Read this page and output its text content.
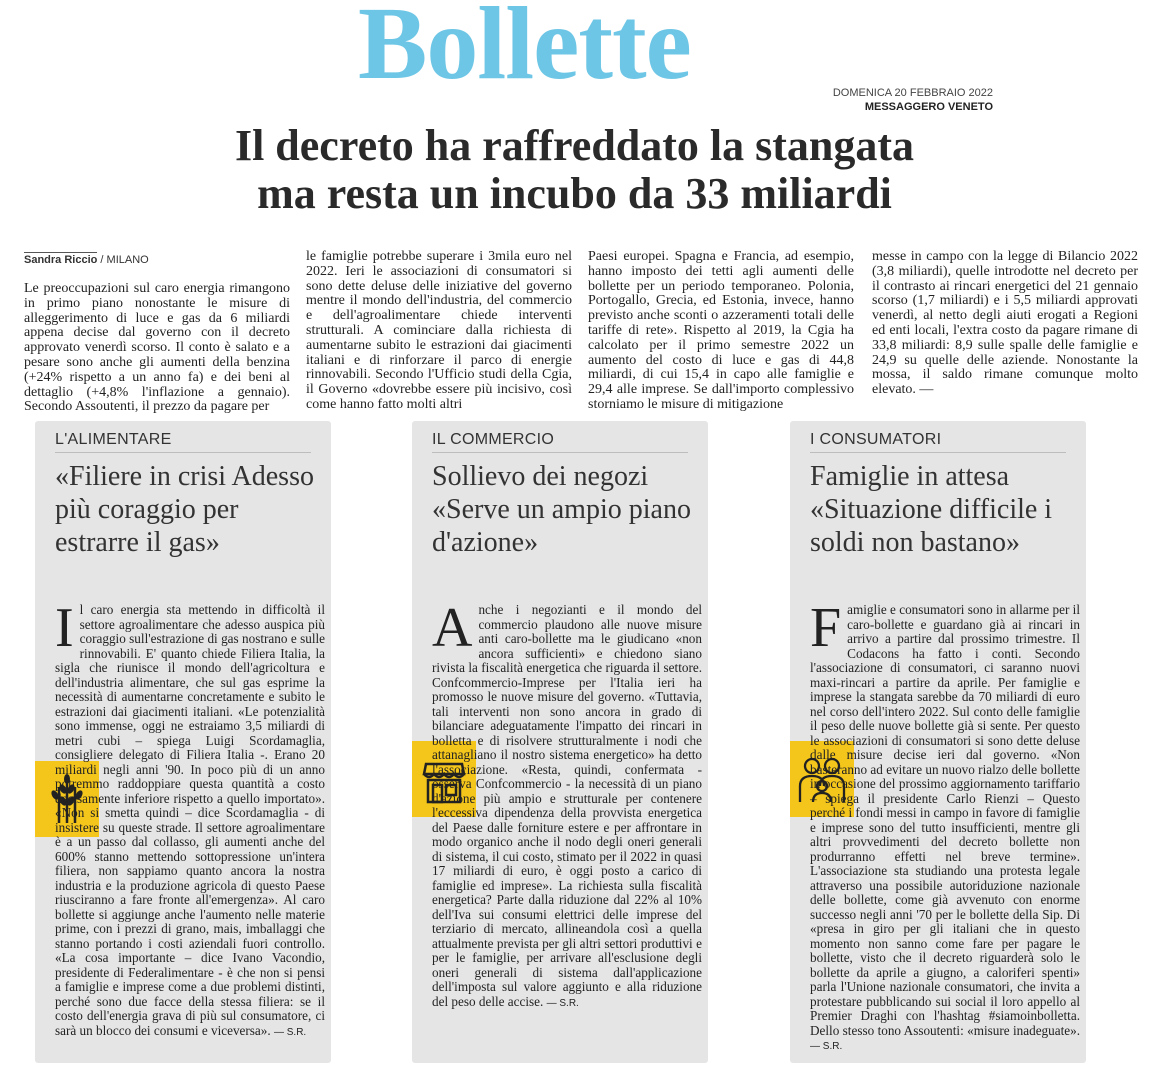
Bollette	DOMENICA 20 FEBBRAIO 2022
MESSAGGERO VENETO
Il decreto ha raffreddato la stangata
ma resta un incubo da 33 miliardi
Sandra Riccio / MILANO

Le preoccupazioni sul caro energia rimangono in primo piano nonostante le misure di alleggerimento di luce e gas da 6 miliardi appena decise dal governo con il decreto approvato venerdì scorso. Il conto è salato e a pesare sono anche gli aumenti della benzina (+24% rispetto a un anno fa) e dei beni al dettaglio (+4,8% l'inflazione a gennaio). Secondo Assoutenti, il prezzo da pagare per

le famiglie potrebbe superare i 3mila euro nel 2022. Ieri le associazioni di consumatori si sono dette deluse delle iniziative del governo mentre il mondo dell'industria, del commercio e dell'agroalimentare chiede interventi strutturali. A cominciare dalla richiesta di aumentarne subito le estrazioni dai giacimenti italiani e di rinforzare il parco di energie rinnovabili. Secondo l'Ufficio studi della Cgia, il Governo «dovrebbe essere più incisivo, così come hanno fatto molti altri

Paesi europei. Spagna e Francia, ad esempio, hanno imposto dei tetti agli aumenti delle bollette per un periodo temporaneo. Polonia, Portogallo, Grecia, ed Estonia, invece, hanno previsto anche sconti o azzeramenti totali delle tariffe di rete». Rispetto al 2019, la Cgia ha calcolato per il primo semestre 2022 un aumento del costo di luce e gas di 44,8 miliardi, di cui 15,4 in capo alle famiglie e 29,4 alle imprese. Se dall'importo complessivo storniamo le misure di mitigazione

messe in campo con la legge di Bilancio 2022 (3,8 miliardi), quelle introdotte nel decreto per il contrasto ai rincari energetici del 21 gennaio scorso (1,7 miliardi) e i 5,5 miliardi approvati venerdì, al netto degli aiuti erogati a Regioni ed enti locali, l'extra costo da pagare rimane di 33,8 miliardi: 8,9 sulle spalle delle famiglie e 24,9 su quelle delle aziende. Nonostante la mossa, il saldo rimane comunque molto elevato. —

L'ALIMENTARE
«Filiere in crisi Adesso più coraggio per estrarre il gas»
I l caro energia sta mettendo in difficoltà il settore agroalimentare che adesso auspica più coraggio sull'estrazione di gas nostrano e sulle rinnovabili. E' quanto chiede Filiera Italia, la sigla che riunisce il mondo dell'agricoltura e dell'industria alimentare, che sul gas esprime la necessità di aumentarne concretamente e subito le estrazioni dai giacimenti italiani. «Le potenzialità sono immense, oggi ne estraiamo 3,5 miliardi di metri cubi – spiega Luigi Scordamaglia, consigliere delegato di Filiera Italia -. Erano 20 miliardi negli anni '90. In poco più di un anno potremmo raddoppiare questa quantità a costo decisamente inferiore rispetto a quello importato». «Non si smetta quindi – dice Scordamaglia - di insistere su queste strade. Il settore agroalimentare è a un passo dal collasso, gli aumenti anche del 600% stanno mettendo sottopressione un'intera filiera, non sappiamo quanto ancora la nostra industria e la produzione agricola di questo Paese riusciranno a fare fronte all'emergenza». Al caro bollette si aggiunge anche l'aumento nelle materie prime, con i prezzi di grano, mais, imballaggi che stanno portando i costi aziendali fuori controllo. «La cosa importante – dice Ivano Vacondio, presidente di Federalimentare - è che non si pensi a famiglie e imprese come a due problemi distinti, perché sono due facce della stessa filiera: se il costo dell'energia grava di più sul consumatore, ci sarà un blocco dei consumi e viceversa». — S.R.
IL COMMERCIO
Sollievo dei negozi «Serve un ampio piano d'azione»
A nche i negozianti e il mondo del commercio plaudono alle nuove misure anti caro-bollette ma le giudicano «non ancora sufficienti» e chiedono siano rivista la fiscalità energetica che riguarda il settore. Confcommercio-Imprese per l'Italia ieri ha promosso le nuove misure del governo. «Tuttavia, tali interventi non sono ancora in grado di bilanciare adeguatamente l'impatto dei rincari in bolletta e di risolvere strutturalmente i nodi che attanagliano il nostro sistema energetico» ha detto l'associazione. «Resta, quindi, confermata - osserva Confcommercio - la necessità di un piano d'azione più ampio e strutturale per contenere l'eccessiva dipendenza della provvista energetica del Paese dalle forniture estere e per affrontare in modo organico anche il nodo degli oneri generali di sistema, il cui costo, stimato per il 2022 in quasi 17 miliardi di euro, è oggi posto a carico di famiglie ed imprese». La richiesta sulla fiscalità energetica? Parte dalla riduzione dal 22% al 10% dell'Iva sui consumi elettrici delle imprese del terziario di mercato, allineandola così a quella attualmente prevista per gli altri settori produttivi e per le famiglie, per arrivare all'esclusione degli oneri generali di sistema dall'applicazione dell'imposta sul valore aggiunto e alla riduzione del peso delle accise. — S.R.
I CONSUMATORI
Famiglie in attesa «Situazione difficile i soldi non bastano»
F amiglie e consumatori sono in allarme per il caro-bollette e guardano già ai rincari in arrivo a partire dal prossimo trimestre. Il Codacons ha fatto i conti. Secondo l'associazione di consumatori, ci saranno nuovi maxi-rincari a partire da aprile. Per famiglie e imprese la stangata sarebbe da 70 miliardi di euro nel corso dell'intero 2022. Sul conto delle famiglie il peso delle nuove bollette già si sente. Per questo le associazioni di consumatori si sono dette deluse dalle misure decise ieri dal governo. «Non basteranno ad evitare un nuovo rialzo delle bollette in occasione del prossimo aggiornamento tariffario – spiega il presidente Carlo Rienzi – Questo perché i fondi messi in campo in favore di famiglie e imprese sono del tutto insufficienti, mentre gli altri provvedimenti del decreto bollette non produrranno effetti nel breve termine». L'associazione sta studiando una protesta legale attraverso una possibile autoriduzione nazionale delle bollette, come già avvenuto con enorme successo negli anni '70 per le bollette della Sip. Di «presa in giro per gli italiani che in questo momento non sanno come fare per pagare le bollette, visto che il decreto riguarderà solo le bollette da aprile a giugno, a caloriferi spenti» parla l'Unione nazionale consumatori, che invita a protestare pubblicando sui social il loro appello al Premier Draghi con l'hashtag #siamoinbolletta. Dello stesso tono Assoutenti: «misure inadeguate». — S.R.
